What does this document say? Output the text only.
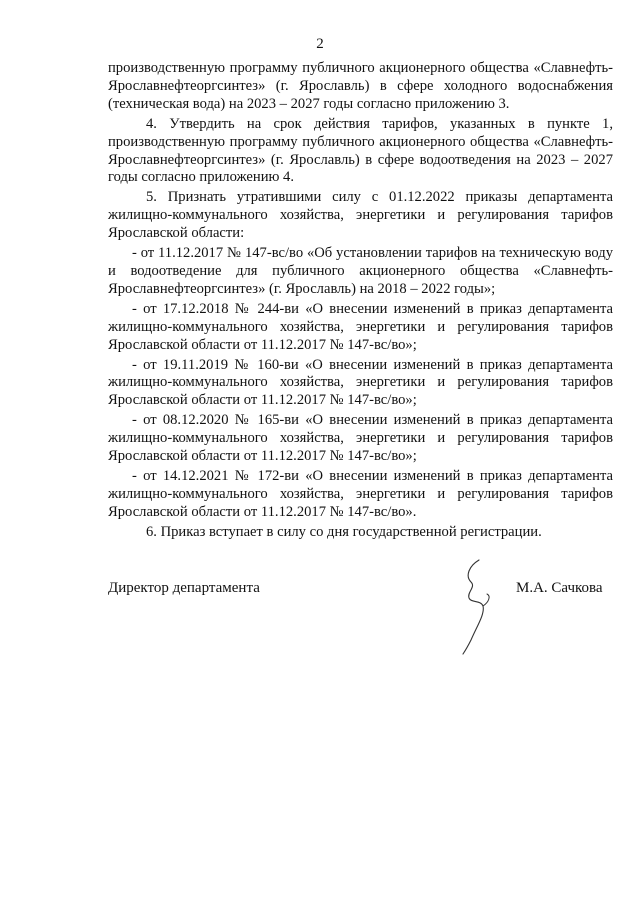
2

производственную программу публичного акционерного общества «Славнефть-Ярославнефтеоргсинтез» (г. Ярославль) в сфере холодного водоснабжения (техническая вода) на 2023 – 2027 годы согласно приложению 3.

4. Утвердить на срок действия тарифов, указанных в пункте 1, производственную программу публичного акционерного общества «Славнефть-Ярославнефтеоргсинтез» (г. Ярославль) в сфере водоотведения на 2023 – 2027 годы согласно приложению 4.

5. Признать утратившими силу с 01.12.2022 приказы департамента жилищно-коммунального хозяйства, энергетики и регулирования тарифов Ярославской области:

- от 11.12.2017 № 147-вс/во «Об установлении тарифов на техническую воду и водоотведение для публичного акционерного общества «Славнефть-Ярославнефтеоргсинтез» (г. Ярославль) на 2018 – 2022 годы»;

- от 17.12.2018 № 244-ви «О внесении изменений в приказ департамента жилищно-коммунального хозяйства, энергетики и регулирования тарифов Ярославской области от 11.12.2017 № 147-вс/во»;

- от 19.11.2019 № 160-ви «О внесении изменений в приказ департамента жилищно-коммунального хозяйства, энергетики и регулирования тарифов Ярославской области от 11.12.2017 № 147-вс/во»;

- от 08.12.2020 № 165-ви «О внесении изменений в приказ департамента жилищно-коммунального хозяйства, энергетики и регулирования тарифов Ярославской области от 11.12.2017 № 147-вс/во»;

- от 14.12.2021 № 172-ви «О внесении изменений в приказ департамента жилищно-коммунального хозяйства, энергетики и регулирования тарифов Ярославской области от 11.12.2017 № 147-вс/во».

6. Приказ вступает в силу со дня государственной регистрации.

Директор департамента	М.А. Сачкова
